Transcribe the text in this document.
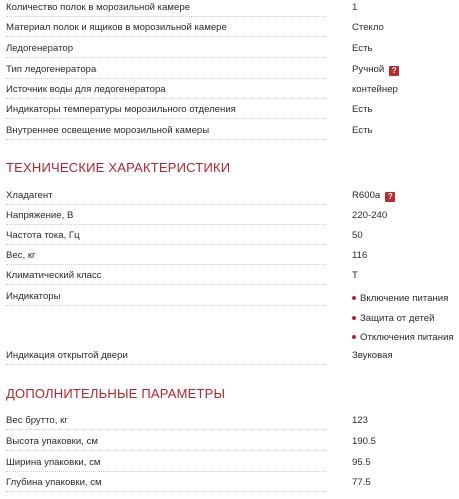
Количество полок в морозильной камере	1
Материал полок и ящиков в морозильной камере	Стекло
Ледогенератор	Есть
Тип ледогенератора	Ручной ?
Источник воды для ледогенератора	контейнер
Индикаторы температуры морозильного отделения	Есть
Внутреннее освещение морозильной камеры	Есть
ТЕХНИЧЕСКИЕ ХАРАКТЕРИСТИКИ
Хладагент	R600a ?
Напряжение, В	220-240
Частота тока, Гц	50
Вес, кг	116
Климатический класс	T
Индикаторы	Включение питания
Защита от детей
Отключения питания
Индикация открытой двери	Звуковая
ДОПОЛНИТЕЛЬНЫЕ ПАРАМЕТРЫ
Вес брутто, кг	123
Высота упаковки, см	190.5
Ширина упаковки, см	95.5
Глубина упаковки, см	77.5
